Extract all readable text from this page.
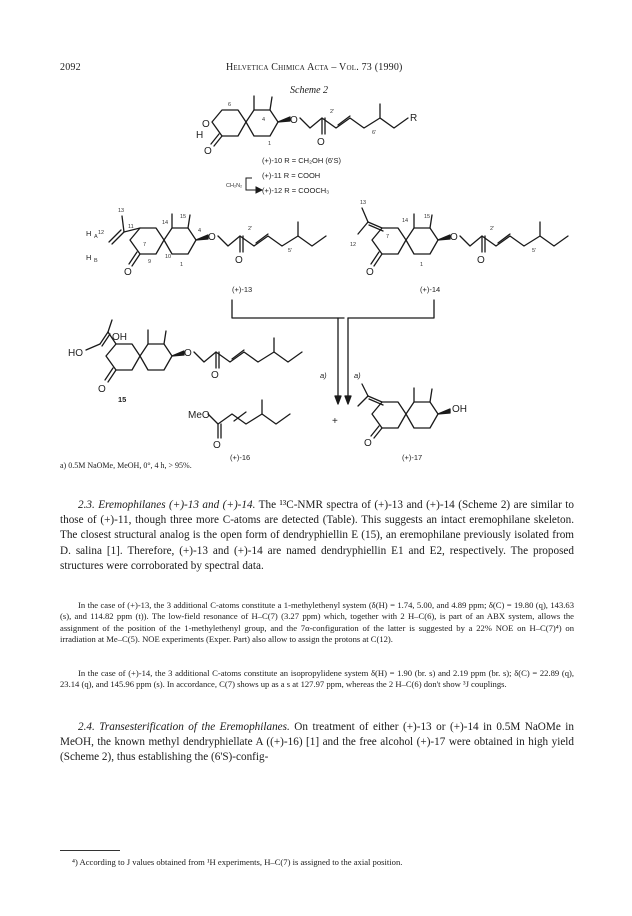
2092	Helvetica Chimica Acta – Vol. 73 (1990)
Scheme 2
O
H
O
O
O
R
6
4
2'
6'
1
O
O
O
H A
H B
13
15
14
12
11
7
9
10
1
4	2'
5'
O
O
O
13
15
14
12
7
1
2'
5'
OH
HO
O
O
O
MeO
O
OH
O
(+)-10 R = CH₂OH (6'S)
(+)-11 R = COOH
(+)-12 R = COOCH₃
CH₂N₂
(+)-13	(+)-14
15
(+)-16	(+)-17
a)	a)
+
a) 0.5M NaOMe, MeOH, 0°, 4 h, > 95%.
2.3. Eremophilanes (+)-13 and (+)-14. The ¹³C-NMR spectra of (+)-13 and (+)-14 (Scheme 2) are similar to those of (+)-11, though three more C-atoms are detected (Table). This suggests an intact eremophilane skeleton. The closest structural analog is the open form of dendryphiellin E (15), an eremophilane previously isolated from D. salina [1]. Therefore, (+)-13 and (+)-14 are named dendryphiellin E1 and E2, respectively. The proposed structures were corroborated by spectral data.
In the case of (+)-13, the 3 additional C-atoms constitute a 1-methylethenyl system (δ(H) = 1.74, 5.00, and 4.89 ppm; δ(C) = 19.80 (q), 143.63 (s), and 114.82 ppm (t)). The low-field resonance of H–C(7) (3.27 ppm) which, together with 2 H–C(6), is part of an ABX system, allows the assignment of the position of the 1-methylethenyl group, and the 7α-configuration of the latter is suggested by a 22% NOE on H–C(7)⁴) on irradiation at Me–C(5). NOE experiments (Exper. Part) also allow to assign the protons at C(12).
In the case of (+)-14, the 3 additional C-atoms constitute an isopropylidene system δ(H) = 1.90 (br. s) and 2.19 ppm (br. s); δ(C) = 22.89 (q), 23.14 (q), and 145.96 ppm (s). In accordance, C(7) shows up as a s at 127.97 ppm, whereas the 2 H–C(6) don't show ³J couplings.
2.4. Transesterification of the Eremophilanes. On treatment of either (+)-13 or (+)-14 in 0.5M NaOMe in MeOH, the known methyl dendryphiellate A ((+)-16) [1] and the free alcohol (+)-17 were obtained in high yield (Scheme 2), thus establishing the (6'S)-config-
⁴) According to J values obtained from ¹H experiments, H–C(7) is assigned to the axial position.
